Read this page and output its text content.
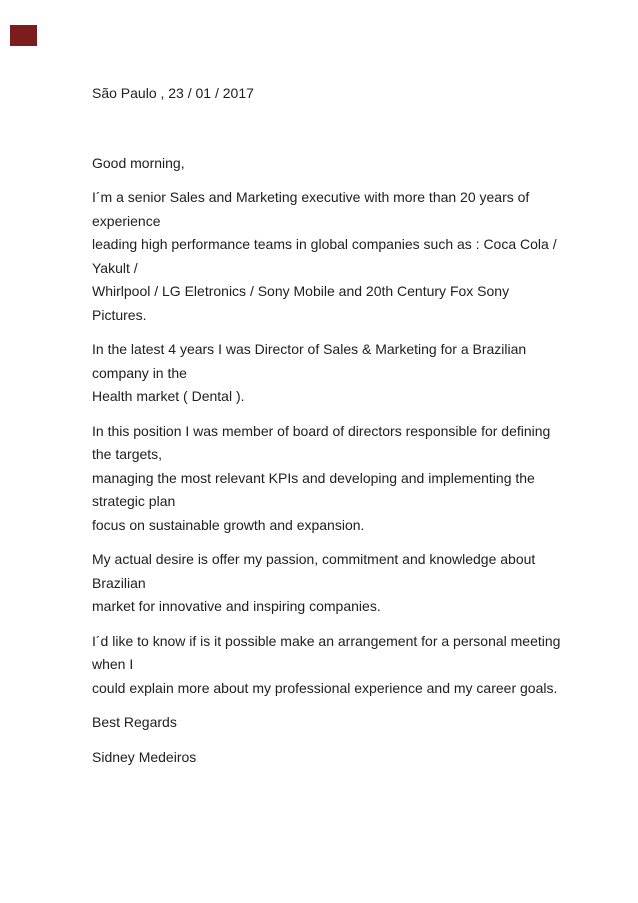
São Paulo , 23 / 01 / 2017
Good morning,
I´m a senior Sales and Marketing executive with more than 20 years of experience
leading high performance teams in global companies such as : Coca Cola / Yakult /
Whirlpool / LG Eletronics / Sony Mobile and 20th Century Fox Sony Pictures.
In the latest 4 years I was Director of Sales & Marketing for a Brazilian company in the
Health market ( Dental ).
In this position I was member of board of directors responsible for defining the targets,
managing the most relevant KPIs and developing and implementing the strategic plan
focus on sustainable growth and expansion.
My actual desire is offer my passion, commitment and knowledge about Brazilian
market for innovative and inspiring companies.
I´d like to know if is it possible make an arrangement for a personal meeting when I
could explain more about my professional experience and my career goals.
Best Regards
Sidney Medeiros
